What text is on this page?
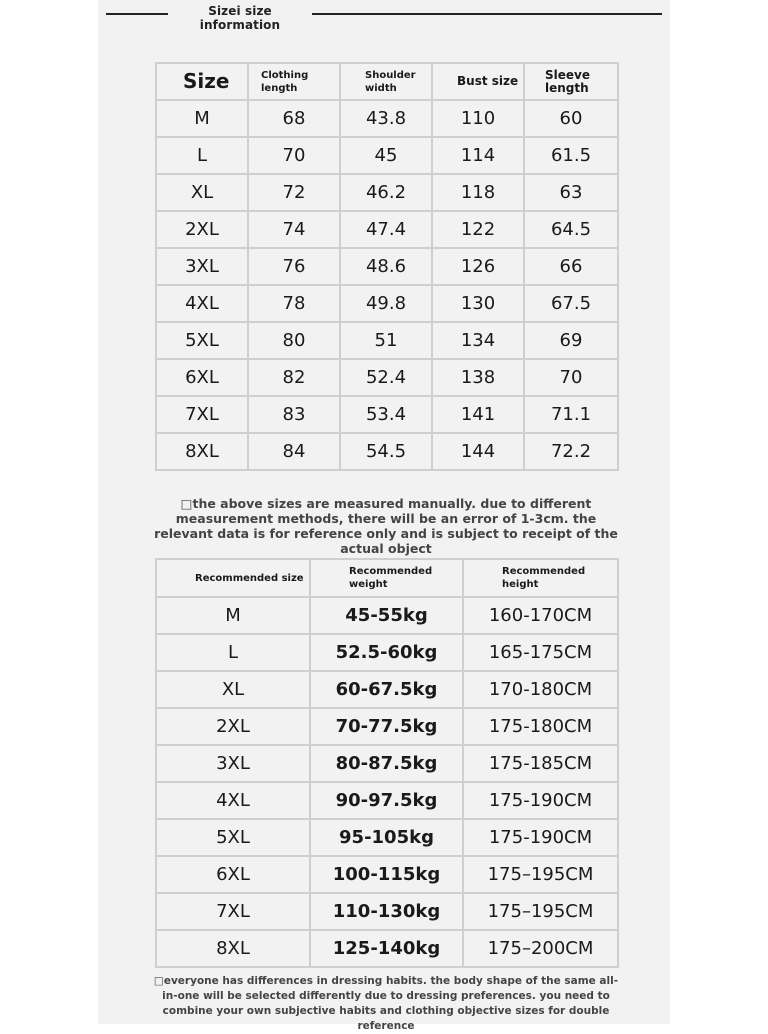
Sizei size information
Size	Clothing length	Shoulder width	Bust size	Sleeve length
M	68	43.8	110	60
L	70	45	114	61.5
XL	72	46.2	118	63
2XL	74	47.4	122	64.5
3XL	76	48.6	126	66
4XL	78	49.8	130	67.5
5XL	80	51	134	69
6XL	82	52.4	138	70
7XL	83	53.4	141	71.1
8XL	84	54.5	144	72.2
□the above sizes are measured manually. due to different measurement methods, there will be an error of 1-3cm. the relevant data is for reference only and is subject to receipt of the actual object
Recommended size	Recommended weight	Recommended height
M	45-55kg	160-170CM
L	52.5-60kg	165-175CM
XL	60-67.5kg	170-180CM
2XL	70-77.5kg	175-180CM
3XL	80-87.5kg	175-185CM
4XL	90-97.5kg	175-190CM
5XL	95-105kg	175-190CM
6XL	100-115kg	175–195CM
7XL	110-130kg	175–195CM
8XL	125-140kg	175–200CM
□everyone has differences in dressing habits. the body shape of the same all-in-one will be selected differently due to dressing preferences. you need to combine your own subjective habits and clothing objective sizes for double reference
